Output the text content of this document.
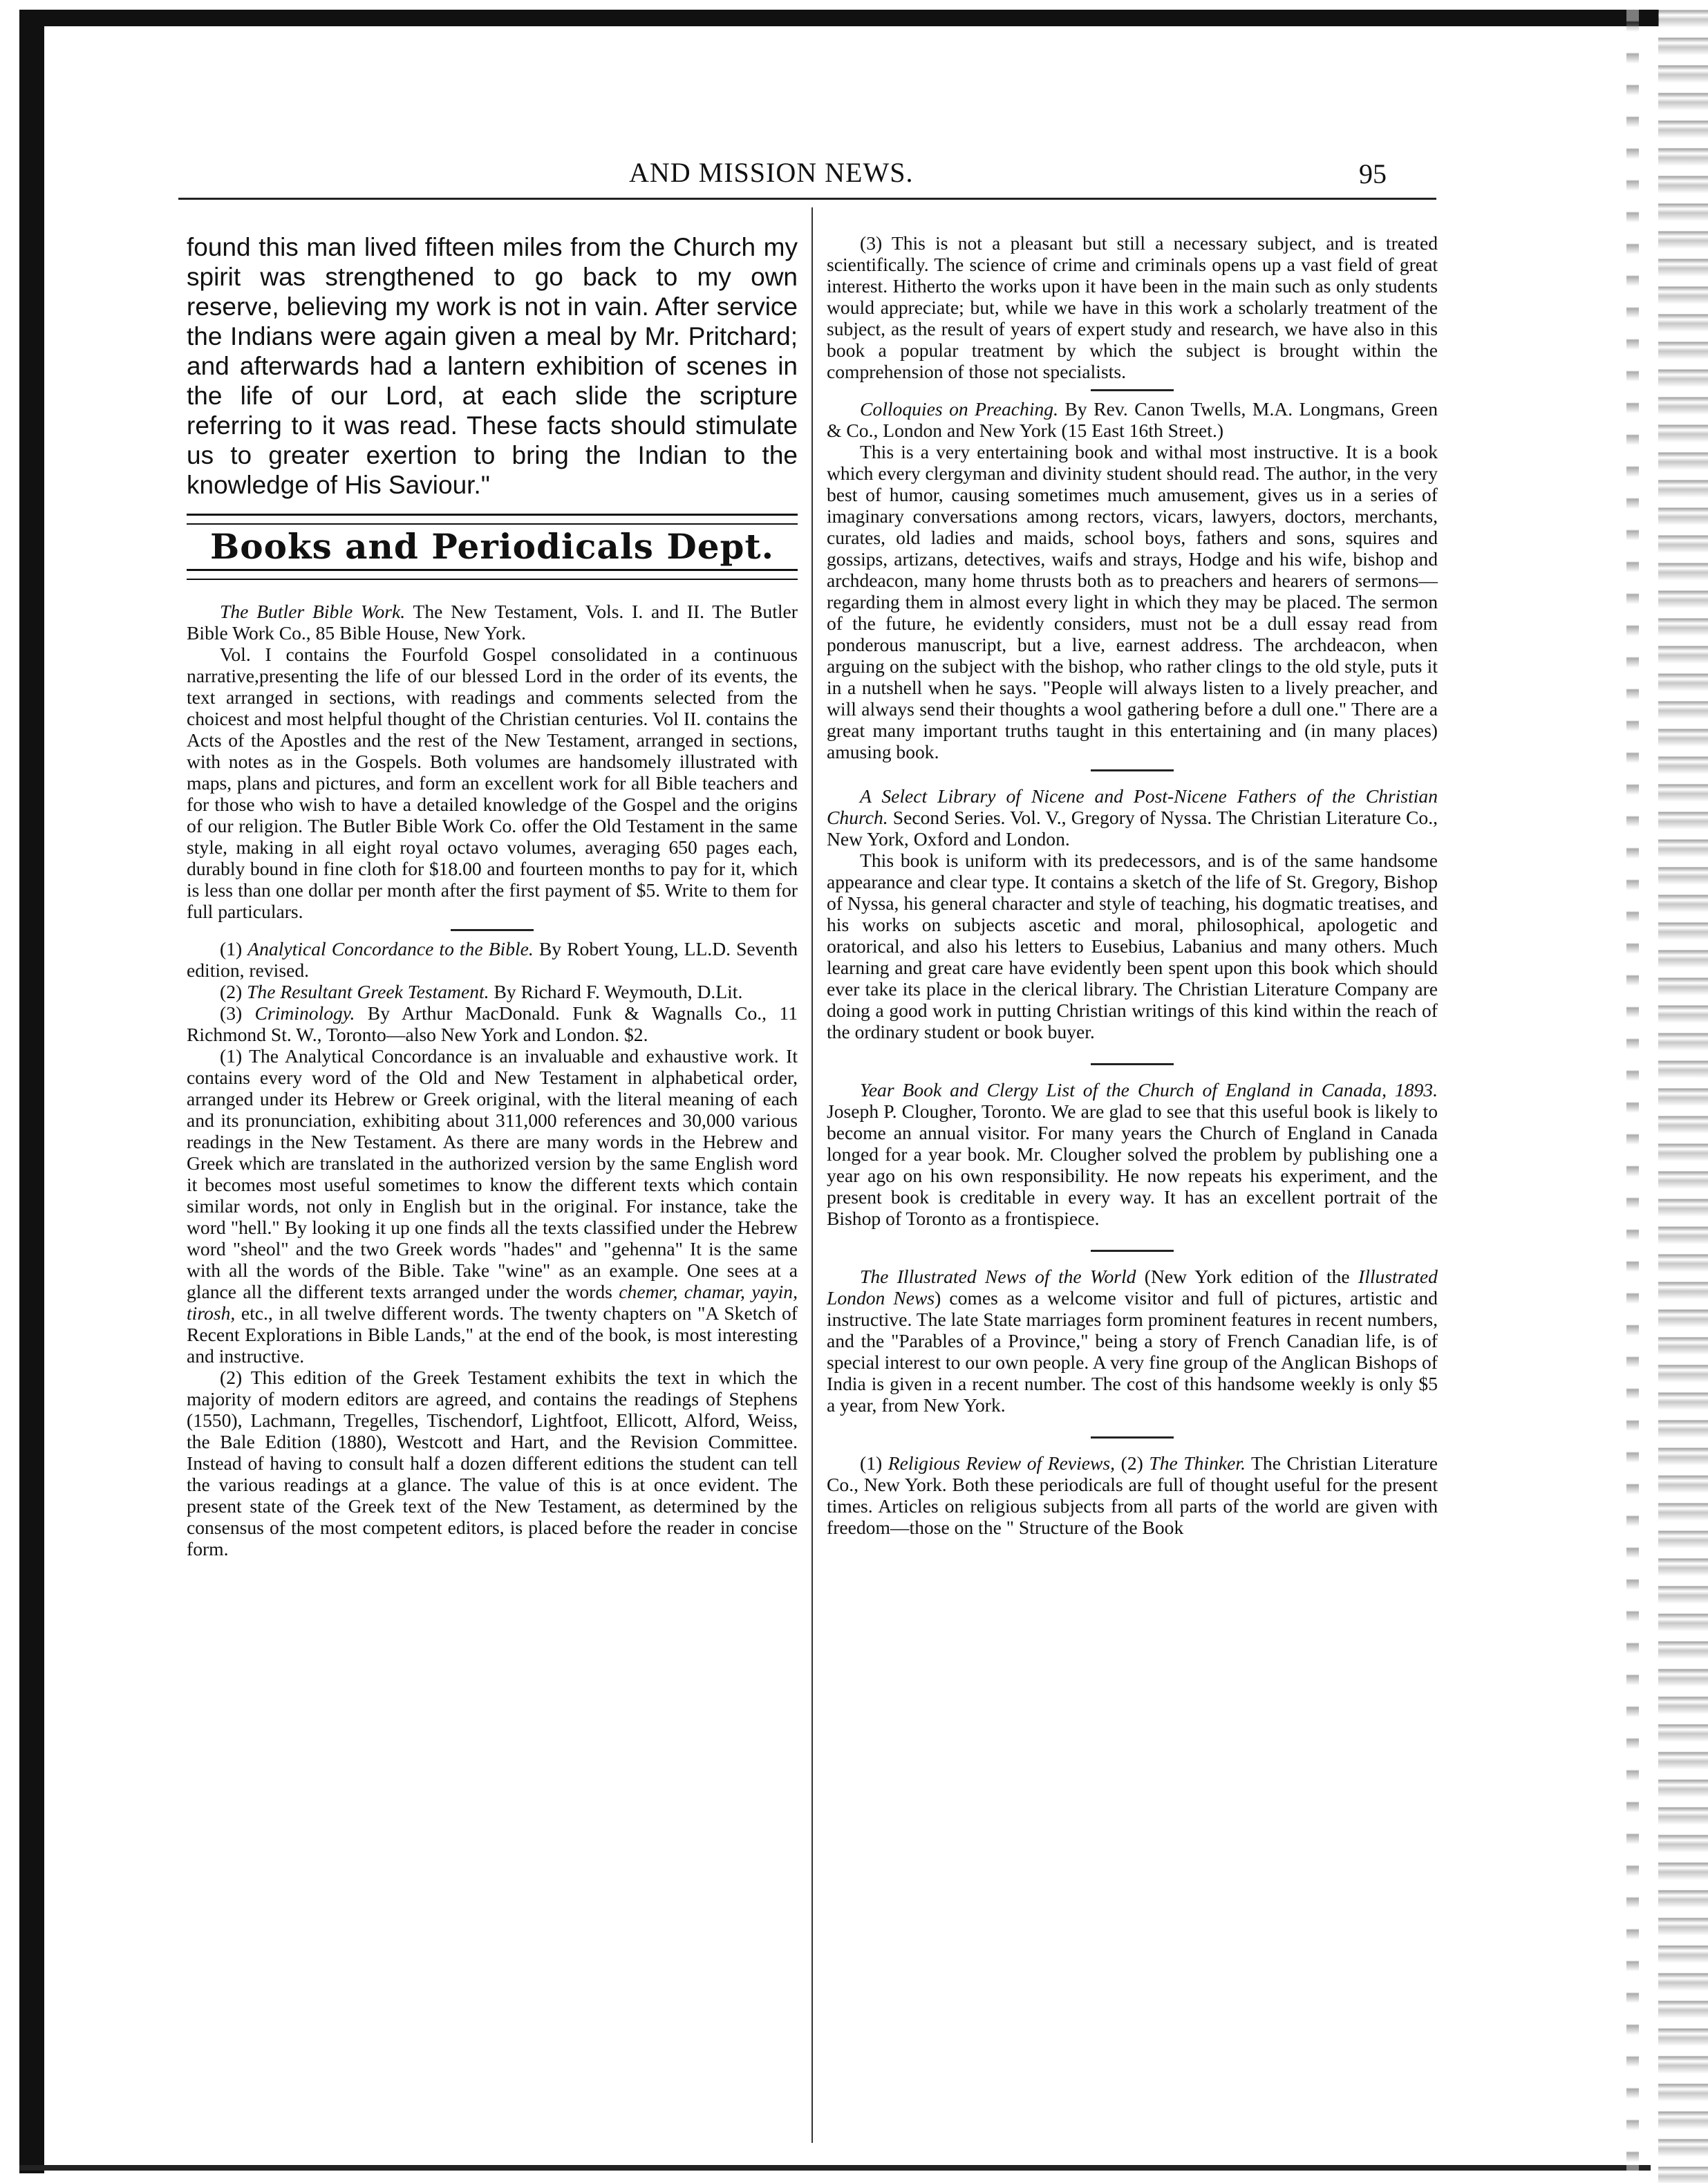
AND MISSION NEWS.	95

found this man lived fifteen miles from the Church my spirit was strengthened to go back to my own reserve, believing my work is not in vain. After service the Indians were again given a meal by Mr. Pritchard; and afterwards had a lantern exhibition of scenes in the life of our Lord, at each slide the scripture referring to it was read. These facts should stimulate us to greater exertion to bring the Indian to the knowledge of His Saviour."

Books and Periodicals Dept.

The Butler Bible Work. The New Testament, Vols. I. and II. The Butler Bible Work Co., 85 Bible House, New York.

Vol. I contains the Fourfold Gospel consolidated in a continuous narrative,presenting the life of our blessed Lord in the order of its events, the text arranged in sections, with readings and comments selected from the choicest and most helpful thought of the Christian centuries. Vol II. contains the Acts of the Apostles and the rest of the New Testament, arranged in sections, with notes as in the Gospels. Both volumes are handsomely illustrated with maps, plans and pictures, and form an excellent work for all Bible teachers and for those who wish to have a detailed knowledge of the Gospel and the origins of our religion. The Butler Bible Work Co. offer the Old Testament in the same style, making in all eight royal octavo volumes, averaging 650 pages each, durably bound in fine cloth for $18.00 and fourteen months to pay for it, which is less than one dollar per month after the first payment of $5. Write to them for full particulars.

(1) Analytical Concordance to the Bible. By Robert Young, LL.D. Seventh edition, revised.

(2) The Resultant Greek Testament. By Richard F. Weymouth, D.Lit.

(3) Criminology. By Arthur MacDonald. Funk & Wagnalls Co., 11 Richmond St. W., Toronto—also New York and London. $2.

(1) The Analytical Concordance is an invaluable and exhaustive work. It contains every word of the Old and New Testament in alphabetical order, arranged under its Hebrew or Greek original, with the literal meaning of each and its pronunciation, exhibiting about 311,000 references and 30,000 various readings in the New Testament. As there are many words in the Hebrew and Greek which are translated in the authorized version by the same English word it becomes most useful sometimes to know the different texts which contain similar words, not only in English but in the original. For instance, take the word "hell." By looking it up one finds all the texts classified under the Hebrew word "sheol" and the two Greek words "hades" and "gehenna" It is the same with all the words of the Bible. Take "wine" as an example. One sees at a glance all the different texts arranged under the words chemer, chamar, yayin, tirosh, etc., in all twelve different words. The twenty chapters on "A Sketch of Recent Explorations in Bible Lands," at the end of the book, is most interesting and instructive.

(2) This edition of the Greek Testament exhibits the text in which the majority of modern editors are agreed, and contains the readings of Stephens (1550), Lachmann, Tregelles, Tischendorf, Lightfoot, Ellicott, Alford, Weiss, the Bale Edition (1880), Westcott and Hart, and the Revision Committee. Instead of having to consult half a dozen different editions the student can tell the various readings at a glance. The value of this is at once evident. The present state of the Greek text of the New Testament, as determined by the consensus of the most competent editors, is placed before the reader in concise form.

(3) This is not a pleasant but still a necessary subject, and is treated scientifically. The science of crime and criminals opens up a vast field of great interest. Hitherto the works upon it have been in the main such as only students would appreciate; but, while we have in this work a scholarly treatment of the subject, as the result of years of expert study and research, we have also in this book a popular treatment by which the subject is brought within the comprehension of those not specialists.

Colloquies on Preaching. By Rev. Canon Twells, M.A. Longmans, Green & Co., London and New York (15 East 16th Street.)

This is a very entertaining book and withal most instructive. It is a book which every clergyman and divinity student should read. The author, in the very best of humor, causing sometimes much amusement, gives us in a series of imaginary conversations among rectors, vicars, lawyers, doctors, merchants, curates, old ladies and maids, school boys, fathers and sons, squires and gossips, artizans, detectives, waifs and strays, Hodge and his wife, bishop and archdeacon, many home thrusts both as to preachers and hearers of sermons—regarding them in almost every light in which they may be placed. The sermon of the future, he evidently considers, must not be a dull essay read from ponderous manuscript, but a live, earnest address. The archdeacon, when arguing on the subject with the bishop, who rather clings to the old style, puts it in a nutshell when he says. "People will always listen to a lively preacher, and will always send their thoughts a wool gathering before a dull one." There are a great many important truths taught in this entertaining and (in many places) amusing book.

A Select Library of Nicene and Post-Nicene Fathers of the Christian Church. Second Series. Vol. V., Gregory of Nyssa. The Christian Literature Co., New York, Oxford and London.

This book is uniform with its predecessors, and is of the same handsome appearance and clear type. It contains a sketch of the life of St. Gregory, Bishop of Nyssa, his general character and style of teaching, his dogmatic treatises, and his works on subjects ascetic and moral, philosophical, apologetic and oratorical, and also his letters to Eusebius, Labanius and many others. Much learning and great care have evidently been spent upon this book which should ever take its place in the clerical library. The Christian Literature Company are doing a good work in putting Christian writings of this kind within the reach of the ordinary student or book buyer.

Year Book and Clergy List of the Church of England in Canada, 1893. Joseph P. Clougher, Toronto. We are glad to see that this useful book is likely to become an annual visitor. For many years the Church of England in Canada longed for a year book. Mr. Clougher solved the problem by publishing one a year ago on his own responsibility. He now repeats his experiment, and the present book is creditable in every way. It has an excellent portrait of the Bishop of Toronto as a frontispiece.

The Illustrated News of the World (New York edition of the Illustrated London News) comes as a welcome visitor and full of pictures, artistic and instructive. The late State marriages form prominent features in recent numbers, and the "Parables of a Province," being a story of French Canadian life, is of special interest to our own people. A very fine group of the Anglican Bishops of India is given in a recent number. The cost of this handsome weekly is only $5 a year, from New York.

(1) Religious Review of Reviews, (2) The Thinker. The Christian Literature Co., New York. Both these periodicals are full of thought useful for the present times. Articles on religious subjects from all parts of the world are given with freedom—those on the " Structure of the Book
